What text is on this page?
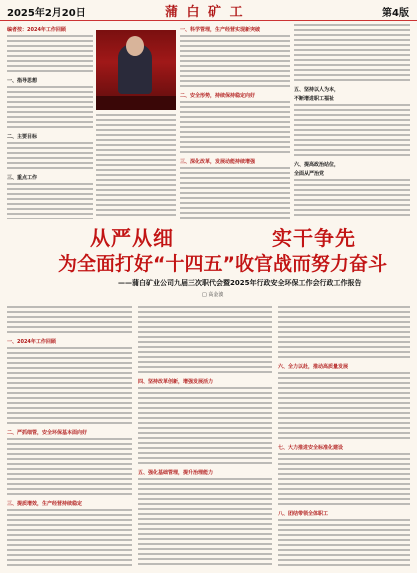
2025年2月20日	蒲 白 矿 工	第4版
编者按：2024年工作回顾
一、指导思想
二、主要目标
三、重点工作
一、科学管理，生产经营实现新突破
二、安全形势，持续保持稳定向好
三、深化改革，发展动能持续增强
五、坚持以人为本，
不断增进职工福祉
六、提高政治站位，
全面从严治党
从严从细	实干争先
为全面打好“十四五”收官战而努力奋斗
——蒲白矿业公司九届三次职代会暨2025年行政安全环保工作会行政工作报告
□ 高金波
一、2024年工作回顾
二、严抓细管，安全环保基本面向好
三、提质增效，生产经营持续稳定
四、坚持改革创新，增强发展活力
五、强化基础管理，提升治理能力
六、全力以赴，推动高质量发展
七、大力推进安全标准化建设
八、团结带领全体职工
